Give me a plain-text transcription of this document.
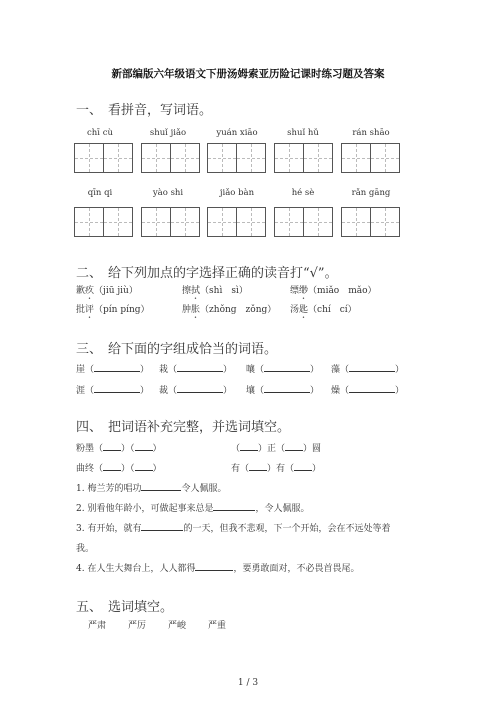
新部编版六年级语文下册汤姆索亚历险记课时练习题及答案
一、 看拼音，写词语。
chī cù	shuǐ jiǎo	yuán xiāo	shuǐ hǔ	rán shāo
qīn qi	yào shi	jiǎo bàn	hé sè	rǎn gāng
二、 给下列加点的字选择正确的读音打“√”。
歉疚（jiū jiù）	擦拭（shì　sì）	缥缈（miǎo　mǎo）
批评（pín píng）	肿胀（zhǒng　zǒng） 汤匙（chí　cí）
三、 给下面的字组成恰当的词语。
崖（	） 栽（	） 嚷（	） 藻（	）
涯（	） 裁（	） 壤（	） 燥（	）
四、 把词语补充完整，并选词填空。
粉墨（ ）（ ）	（ ）正（ ）圆
曲终（ ）（ ）	有（ ）有（ ）
1. 梅兰芳的唱功	令人佩服。
2. 别看他年龄小，可做起事来总是	，令人佩服。
3. 有开始，就有	的一天，但我不悲观，下一个开始，会在不远处等着
我。
4. 在人生大舞台上，人人都得	，要勇敢面对，不必畏首畏尾。
五、 选词填空。
严肃 严厉 严峻 严重
1 / 3
